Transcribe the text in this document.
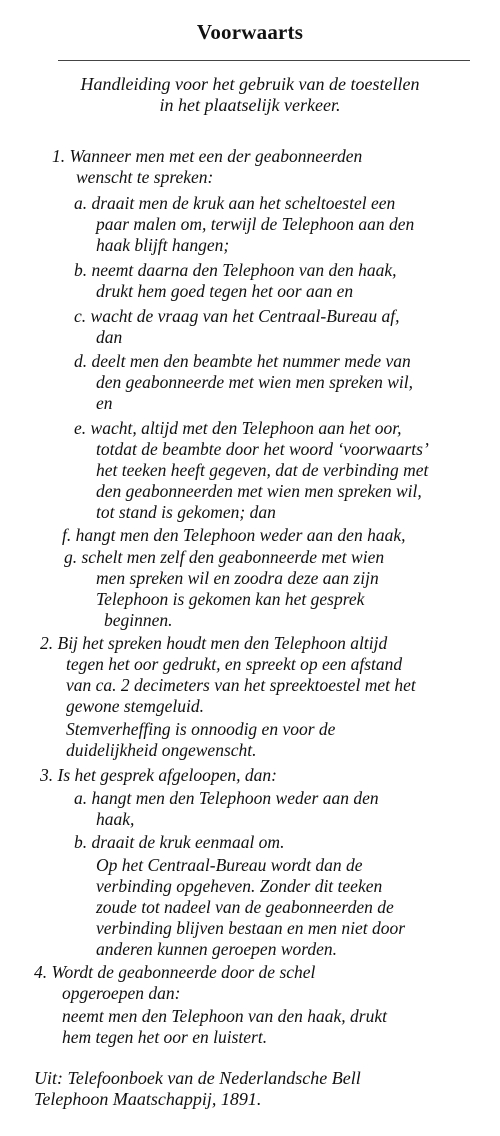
Voorwaarts
Handleiding voor het gebruik van de toestellen
in het plaatselijk verkeer.

1. Wanneer men met een der geabonneerden

wenscht te spreken:

a. draait men de kruk aan het scheltoestel een

paar malen om, terwijl de Telephoon aan den

haak blijft hangen;

b. neemt daarna den Telephoon van den haak,

drukt hem goed tegen het oor aan en

c. wacht de vraag van het Centraal-Bureau af,

dan

d. deelt men den beambte het nummer mede van

den geabonneerde met wien men spreken wil,

en

e. wacht, altijd met den Telephoon aan het oor,

totdat de beambte door het woord ‘voorwaarts’

het teeken heeft gegeven, dat de verbinding met

den geabonneerden met wien men spreken wil,

tot stand is gekomen; dan

f. hangt men den Telephoon weder aan den haak,

g. schelt men zelf den geabonneerde met wien

men spreken wil en zoodra deze aan zijn

Telephoon is gekomen kan het gesprek

beginnen.

2. Bij het spreken houdt men den Telephoon altijd

tegen het oor gedrukt, en spreekt op een afstand

van ca. 2 decimeters van het spreektoestel met het

gewone stemgeluid.

Stemverheffing is onnoodig en voor de

duidelijkheid ongewenscht.

3. Is het gesprek afgeloopen, dan:

a. hangt men den Telephoon weder aan den

haak,

b. draait de kruk eenmaal om.

Op het Centraal-Bureau wordt dan de

verbinding opgeheven. Zonder dit teeken

zoude tot nadeel van de geabonneerden de

verbinding blijven bestaan en men niet door

anderen kunnen geroepen worden.

4. Wordt de geabonneerde door de schel

opgeroepen dan:

neemt men den Telephoon van den haak, drukt

hem tegen het oor en luistert.

Uit: Telefoonboek van de Nederlandsche Bell
Telephoon Maatschappij, 1891.
